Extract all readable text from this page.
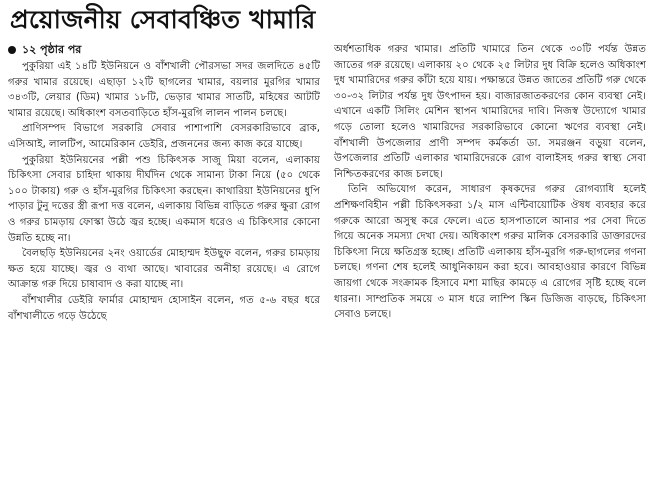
প্রয়োজনীয় সেবাবঞ্চিত খামারি
১২ পৃষ্ঠার পর

পুকুরিয়া এই ১৪টি ইউনিয়নে ও বাঁশখালী পৌরসভা সদর জলদিতে ৪৫টি গরুর খামার রয়েছে। এছাড়া ১২টি ছাগলের খামার, বয়লার মুরগির খামার ৩৪৩টি, লেয়ার (ডিম) খামার ১৮টি, ভেড়ার খামার সাতটি, মহিষের আটটি খামার রয়েছে। অধিকাংশ বসতবাড়িতে হাঁস-মুরগি লালন পালন চলছে।

প্রাণিসম্পদ বিভাগে সরকারি সেবার পাশাপাশি বেসরকারিভাবে ব্রাক, এসিআই, লালটিপ, আমেরিকান ডেইরি, প্রজননের জন্য কাজ করে যাচ্ছে।

পুকুরিয়া ইউনিয়নের পল্লী পশু চিকিৎসক সাজু মিয়া বলেন, এলাকায় চিকিৎসা সেবার চাহিদা থাকায় দীর্ঘদিন থেকে সামান্য টাকা নিয়ে (৫০ থেকে ১০০ টাকায়) গরু ও হাঁস-মুরগির চিকিৎসা করছেন। কাথারিয়া ইউনিয়নের ধুপি পাড়ার টুনু দত্তের স্ত্রী রূপা দত্ত বলেন, এলাকায় বিভিন্ন বাড়িতে গরুর ক্ষুরা রোগ ও গরুর চামড়ায় ফোস্কা উঠে জ্বর হচ্ছে। একমাস ধরেও এ চিকিৎসার কোনো উন্নতি হচ্ছে না।

বৈলছড়ি ইউনিয়নের ২নং ওয়ার্ডের মোহাম্মদ ইউছুফ বলেন, গরুর চামড়ায় ক্ষত হয়ে যাচ্ছে। জ্বর ও ব্যথা আছে। খাবারের অনীহা রয়েছে। এ রোগে আক্রান্ত গরু দিয়ে চাষাবাদ ও করা যাচ্ছে না।

বাঁশখালীর ডেইরি ফার্মার মোহাম্মদ হোসাইন বলেন, গত ৫-৬ বছর ধরে বাঁশখালীতে গড়ে উঠেছে

অর্ধশতাধিক গরুর খামার। প্রতিটি খামারে তিন থেকে ৩০টি পর্যন্ত উন্নত জাতের গরু রয়েছে। এলাকায় ২০ থেকে ২৫ লিটার দুধ বিক্রি হলেও অধিকাংশ দুধ খামারিদের গরুর কাঁটা হয়ে যায়। পক্ষান্তরে উন্নত জাতের প্রতিটি গরু থেকে ৩০-৩২ লিটার পর্যন্ত দুধ উৎপাদন হয়। বাজারজাতকরণের কোন ব্যবস্থা নেই। এখানে একটি সিলিং মেশিন স্থাপন খামারিদের দাবি। নিজস্ব উদ্যোগে খামার গড়ে তোলা হলেও খামারিদের সরকারিভাবে কোনো ঋণের ব্যবস্থা নেই। বাঁশখালী উপজেলার প্রাণী সম্পদ কর্মকর্তা ডা. সমরঞ্জন বড়ুয়া বলেন, উপজেলার প্রতিটি এলাকার খামারিদেরকে রোগ বালাইসহ গরুর স্বাস্থ্য সেবা নিশ্চিতকরণের কাজ চলছে।

তিনি অভিযোগ করেন, সাধারণ কৃষকদের গরুর রোগব্যাধি হলেই প্রশিক্ষণবিহীন পল্লী চিকিৎসকরা ১/২ মাস এন্টিবায়োটিক ঔষধ ব্যবহার করে গরুকে আরো অসুস্থ করে ফেলে। এতে হাসপাতালে আনার পর সেবা দিতে গিয়ে অনেক সমস্যা দেখা দেয়। অধিকাংশ গরুর মালিক বেসরকারি ডাক্তারদের চিকিৎসা নিয়ে ক্ষতিগ্রস্ত হচ্ছে। প্রতিটি এলাকায় হাঁস-মুরগি গরু-ছাগলের গণনা চলছে। গণনা শেষ হলেই আধুনিকায়ন করা হবে। আবহাওয়ার কারণে বিভিন্ন জায়গা থেকে সংক্রামক হিসাবে মশা মাছির কামড়ে এ রোগের সৃষ্টি হচ্ছে বলে ধারনা। সাম্প্রতিক সময়ে ৩ মাস ধরে লাম্পি স্কিন ডিজিজ বাড়ছে, চিকিৎসা সেবাও চলছে।
